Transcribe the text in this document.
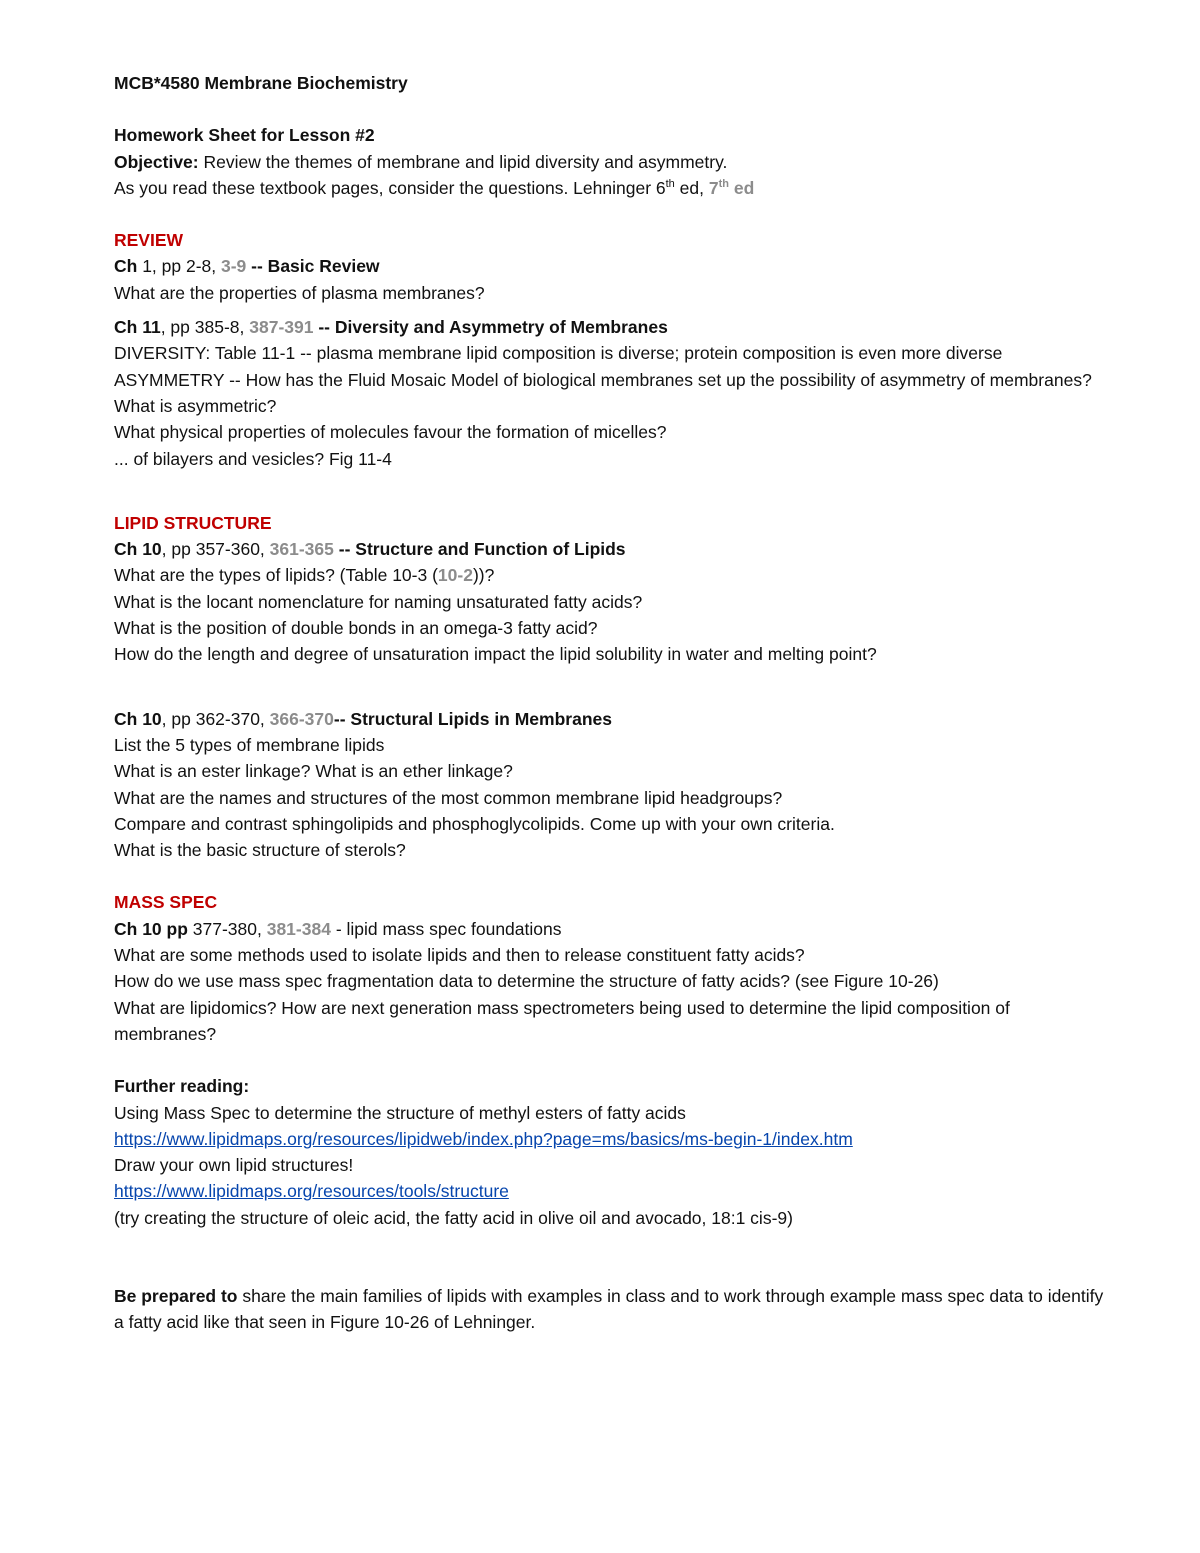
MCB*4580 Membrane Biochemistry
Homework Sheet for Lesson #2
Objective: Review the themes of membrane and lipid diversity and asymmetry.
As you read these textbook pages, consider the questions. Lehninger 6th ed, 7th ed
REVIEW
Ch 1, pp 2-8, 3-9 -- Basic Review
What are the properties of plasma membranes?
Ch 11, pp 385-8, 387-391 -- Diversity and Asymmetry of Membranes
DIVERSITY: Table 11-1 -- plasma membrane lipid composition is diverse; protein composition is even more diverse
ASYMMETRY -- How has the Fluid Mosaic Model of biological membranes set up the possibility of asymmetry of membranes? What is asymmetric?
What physical properties of molecules favour the formation of micelles?
... of bilayers and vesicles? Fig 11-4
LIPID STRUCTURE
Ch 10, pp 357-360, 361-365 -- Structure and Function of Lipids
What are the types of lipids? (Table 10-3 (10-2))?
What is the locant nomenclature for naming unsaturated fatty acids?
What is the position of double bonds in an omega-3 fatty acid?
How do the length and degree of unsaturation impact the lipid solubility in water and melting point?
Ch 10, pp 362-370, 366-370-- Structural Lipids in Membranes
List the 5 types of membrane lipids
What is an ester linkage? What is an ether linkage?
What are the names and structures of the most common membrane lipid headgroups?
Compare and contrast sphingolipids and phosphoglycolipids. Come up with your own criteria.
What is the basic structure of sterols?
MASS SPEC
Ch 10 pp 377-380, 381-384 - lipid mass spec foundations
What are some methods used to isolate lipids and then to release constituent fatty acids?
How do we use mass spec fragmentation data to determine the structure of fatty acids? (see Figure 10-26)
What are lipidomics? How are next generation mass spectrometers being used to determine the lipid composition of membranes?
Further reading:
Using Mass Spec to determine the structure of methyl esters of fatty acids
https://www.lipidmaps.org/resources/lipidweb/index.php?page=ms/basics/ms-begin-1/index.htm
Draw your own lipid structures!
https://www.lipidmaps.org/resources/tools/structure
(try creating the structure of oleic acid, the fatty acid in olive oil and avocado, 18:1 cis-9)
Be prepared to share the main families of lipids with examples in class and to work through example mass spec data to identify a fatty acid like that seen in Figure 10-26 of Lehninger.
